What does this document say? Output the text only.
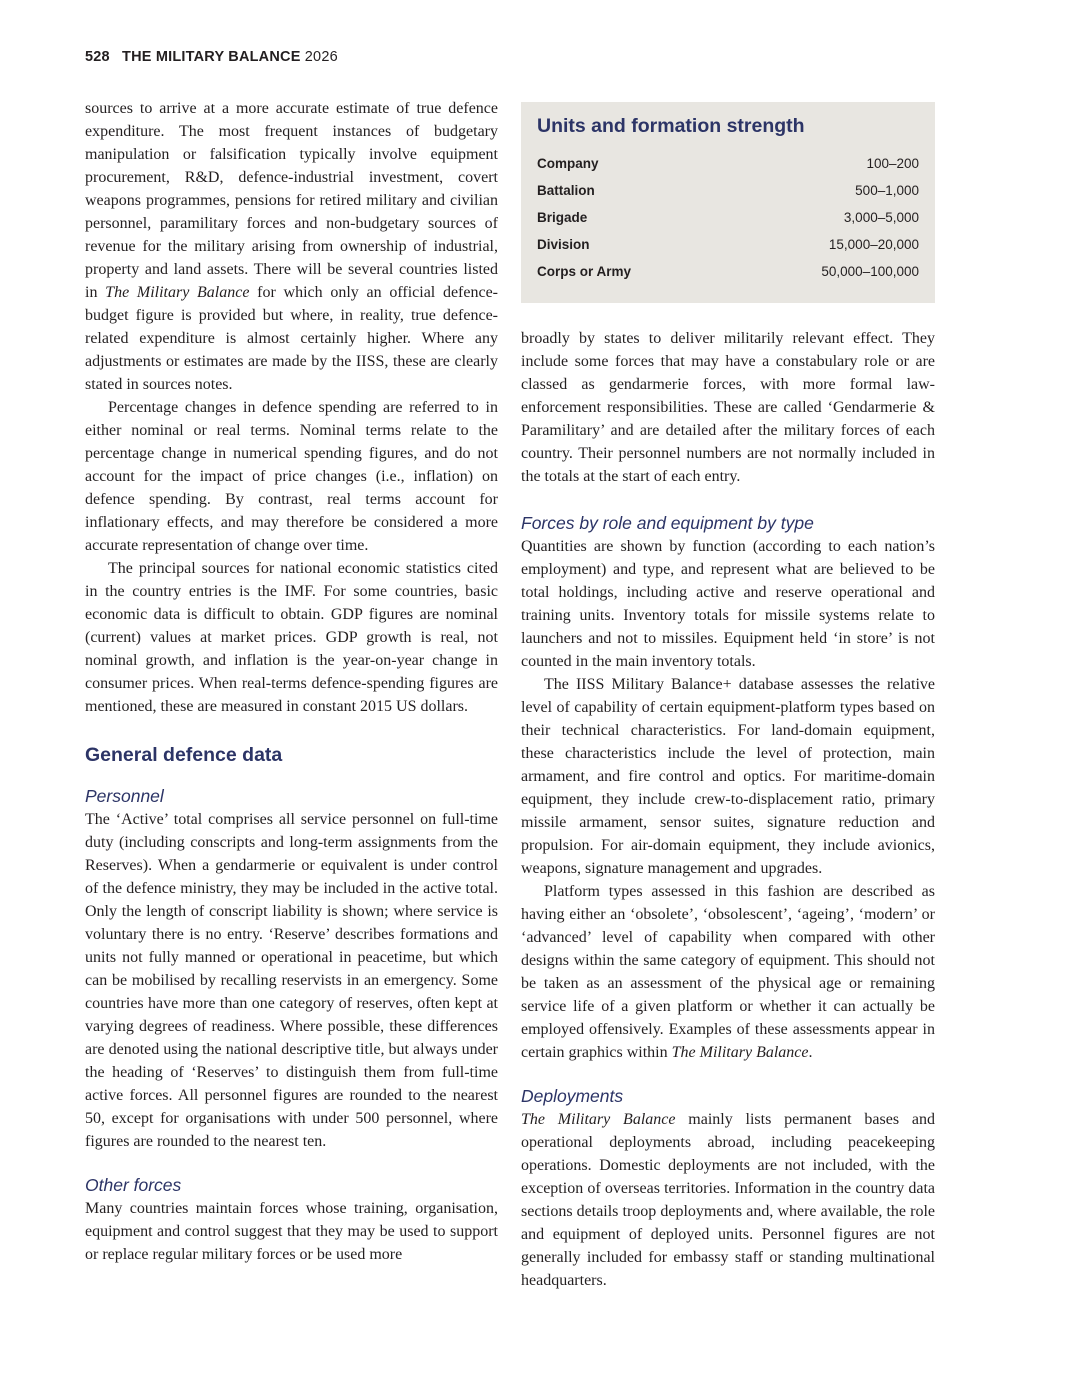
528 THE MILITARY BALANCE 2026

sources to arrive at a more accurate estimate of true defence expenditure. The most frequent instances of budgetary manipulation or falsification typically involve equipment procurement, R&D, defence-industrial investment, covert weapons programmes, pensions for retired military and civilian personnel, paramilitary forces and non-budgetary sources of revenue for the military arising from ownership of industrial, property and land assets. There will be several countries listed in The Military Balance for which only an official defence-budget figure is provided but where, in reality, true defence-related expenditure is almost certainly higher. Where any adjustments or estimates are made by the IISS, these are clearly stated in sources notes.

Percentage changes in defence spending are referred to in either nominal or real terms. Nominal terms relate to the percentage change in numerical spending figures, and do not account for the impact of price changes (i.e., inflation) on defence spending. By contrast, real terms account for inflationary effects, and may therefore be considered a more accurate representation of change over time.

The principal sources for national economic statistics cited in the country entries is the IMF. For some countries, basic economic data is difficult to obtain. GDP figures are nominal (current) values at market prices. GDP growth is real, not nominal growth, and inflation is the year-on-year change in consumer prices. When real-terms defence-spending figures are mentioned, these are measured in constant 2015 US dollars.

General defence data
Personnel

The ‘Active’ total comprises all service personnel on full-time duty (including conscripts and long-term assignments from the Reserves). When a gendarmerie or equivalent is under control of the defence ministry, they may be included in the active total. Only the length of conscript liability is shown; where service is voluntary there is no entry. ‘Reserve’ describes formations and units not fully manned or operational in peacetime, but which can be mobilised by recalling reservists in an emergency. Some countries have more than one category of reserves, often kept at varying degrees of readiness. Where possible, these differences are denoted using the national descriptive title, but always under the heading of ‘Reserves’ to distinguish them from full-time active forces. All personnel figures are rounded to the nearest 50, except for organisations with under 500 personnel, where figures are rounded to the nearest ten.

Other forces

Many countries maintain forces whose training, organisation, equipment and control suggest that they may be used to support or replace regular military forces or be used more

Units and formation strength
Company	100–200
Battalion	500–1,000
Brigade	3,000–5,000
Division	15,000–20,000
Corps or Army	50,000–100,000

broadly by states to deliver militarily relevant effect. They include some forces that may have a constabulary role or are classed as gendarmerie forces, with more formal law-enforcement responsibilities. These are called ‘Gendarmerie & Paramilitary’ and are detailed after the military forces of each country. Their personnel numbers are not normally included in the totals at the start of each entry.

Forces by role and equipment by type

Quantities are shown by function (according to each nation’s employment) and type, and represent what are believed to be total holdings, including active and reserve operational and training units. Inventory totals for missile systems relate to launchers and not to missiles. Equipment held ‘in store’ is not counted in the main inventory totals.

The IISS Military Balance+ database assesses the relative level of capability of certain equipment-platform types based on their technical characteristics. For land-domain equipment, these characteristics include the level of protection, main armament, and fire control and optics. For maritime-domain equipment, they include crew-to-displacement ratio, primary missile armament, sensor suites, signature reduction and propulsion. For air-domain equipment, they include avionics, weapons, signature management and upgrades.

Platform types assessed in this fashion are described as having either an ‘obsolete’, ‘obsolescent’, ‘ageing’, ‘modern’ or ‘advanced’ level of capability when compared with other designs within the same category of equipment. This should not be taken as an assessment of the physical age or remaining service life of a given platform or whether it can actually be employed offensively. Examples of these assessments appear in certain graphics within The Military Balance.

Deployments

The Military Balance mainly lists permanent bases and operational deployments abroad, including peacekeeping operations. Domestic deployments are not included, with the exception of overseas territories. Information in the country data sections details troop deployments and, where available, the role and equipment of deployed units. Personnel figures are not generally included for embassy staff or standing multinational headquarters.
